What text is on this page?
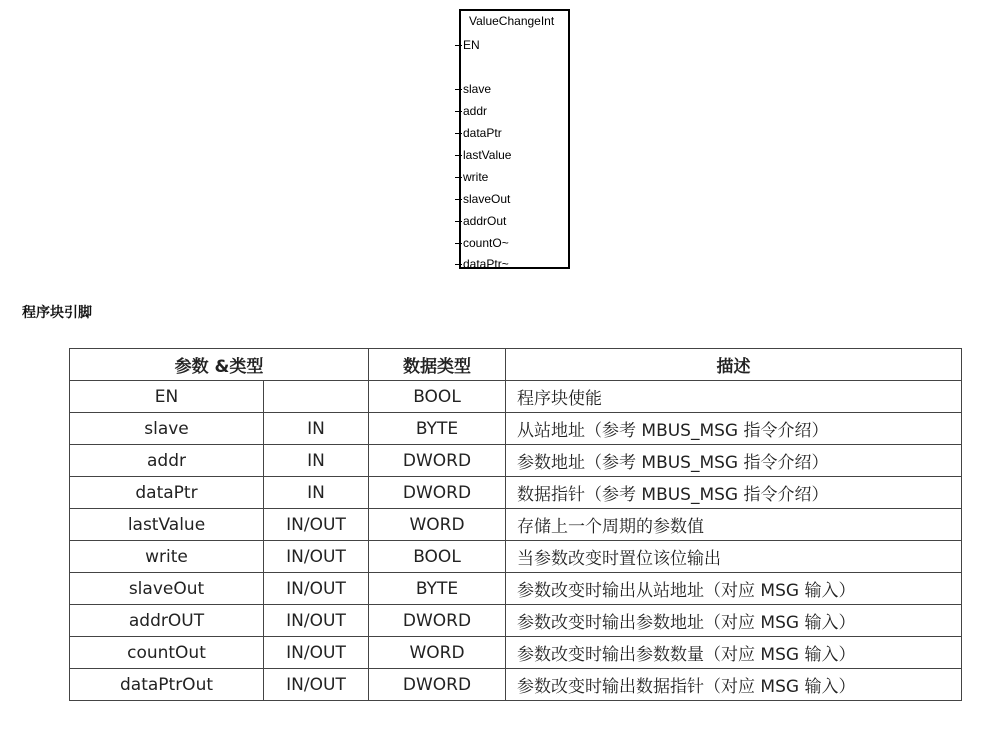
ValueChangeInt
EN
slave
addr
dataPtr
lastValue
write
slaveOut
addrOut
countO~
dataPtr~
程序块引脚
参数 &类型		数据类型	描述
EN		BOOL	程序块使能
slave	IN	BYTE	从站地址（参考 MBUS_MSG 指令介绍）
addr	IN	DWORD	参数地址（参考 MBUS_MSG 指令介绍）
dataPtr	IN	DWORD	数据指针（参考 MBUS_MSG 指令介绍）
lastValue	IN/OUT	WORD	存储上一个周期的参数值
write	IN/OUT	BOOL	当参数改变时置位该位输出
slaveOut	IN/OUT	BYTE	参数改变时输出从站地址（对应 MSG 输入）
addrOUT	IN/OUT	DWORD	参数改变时输出参数地址（对应 MSG 输入）
countOut	IN/OUT	WORD	参数改变时输出参数数量（对应 MSG 输入）
dataPtrOut	IN/OUT	DWORD	参数改变时输出数据指针（对应 MSG 输入）
